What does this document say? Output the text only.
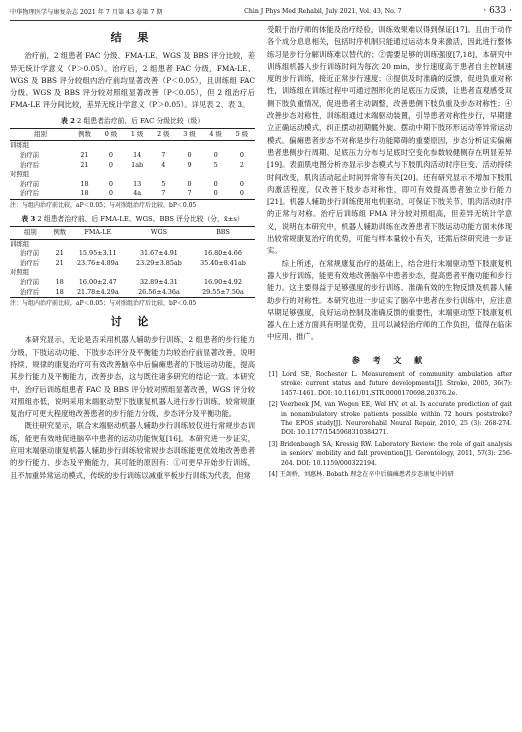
中华物理医学与康复杂志 2021 年 7 月第 43 卷第 7 期	Chin J Phys Med Rehabil, July 2021, Vol. 43, No. 7	· 633 ·
结 果

治疗前，2 组患者 FAC 分级、FMA-LE、WGS 及 BBS 评分比较，差异无统计学意义（P＞0.05）。治疗后，2 组患者 FAC 分级、FMA-LE、WGS 及 BBS 评分较组内治疗前均显著改善（P＜0.05），且训练组 FAC 分级、WGS 及 BBS 评分较对照组显著改善（P＜0.05），但 2 组治疗后 FMA-LE 评分间比较，差异无统计学意义（P＞0.05）。详见表 2、表 3。

表 2 2 组患者治疗前、后 FAC 分级比较（级）
组别	例数	0 级	1 级	2 级	3 级	4 级	5 级
训练组							
治疗前	21	0	14	7	0	0	0
治疗后	21	0	1ab	4	9	5	2
对照组							
治疗前	18	0	13	5	0	0	0
治疗后	18	0	4a	7	7	0	0
注：与组内治疗前比较，aP＜0.05；与对照组治疗后比较，bP＜0.05
表 3 2 组患者治疗前、后 FMA-LE、WGS、BBS 评分比较（分，x̄±s）
组别	例数	FMA-LE	WGS	BBS
训练组				
治疗前	21	15.95±3.11	31.67±4.91	16.80±4.66
治疗后	21	23.76±4.89a	23.29±3.85ab	35.40±8.41ab
对照组				
治疗前	18	16.00±2.47	32.89±4.31	16.90±4.92
治疗后	18	21.78±4.29a	26.56±4.36a	29.55±7.50a
注：与组内治疗前比较，aP＜0.05；与对照组治疗后比较，bP＜0.05
讨 论

本研究显示，无论是否采用机器人辅助步行训练，2 组患者的步行能力分级、下肢运动功能、下肢步态评分及平衡能力均较治疗前显著改善，说明持续、规律的康复治疗可有效改善脑卒中后偏瘫患者的下肢运动功能，提高其步行能力及平衡能力，改善步态，这与既往诸多研究的结论一致。本研究中，治疗后训练组患者 FAC 及 BBS 评分较对照组显著改善，WGS 评分较对照组亦低，说明采用末端驱动型下肢康复机器人进行步行训练，较常规康复治疗可更大程度地改善患者的步行能力分级、步态评分及平衡功能。

既往研究显示，联合末端驱动机器人辅助步行训练较仅进行常规步态训练，能更有效地促进脑卒中患者的运动功能恢复[16]。本研究进一步证实，应用末端驱动康复机器人辅助步行训练较常规步态训练能更优效地改善患者的步行能力、步态及平衡能力，其可能的原因有：①可更早开始步行训练，且不加重异常运动模式，传统的步行训练以减重平板步行训练为代表，但常

受限于治疗师的体能及治疗经验，训练效果难以得到保证[17]。且由于动作各个成分息息相关，包括时序机制只能通过运动本身来激活，因此进行整体练习是步行分解训练难以替代的；②需要足够的训练强度[7,18]，本研究中训练组机器人步行训练时间为每次 20 min，步行速度高于患者自主控制速度的步行训练，接近正常步行速度；③提供及时准确的反馈，促进负重对称性，训练组在训练过程中可通过图形化的足底压力反馈，让患者直观感受双侧下肢负重情况，促进患者主动调整，改善患侧下肢负重及步态对称性；④改善步态对称性，训练组通过末端驱动装置，引导患者对称性步行，早期建立正确运动模式，纠正摆动初期髋外旋、摆动中期下肢环形运动等异常运动模式。偏瘫患者步态不对称是步行功能障碍的重要原因，步态分析证实偏瘫患者患侧步行周期、足底压力分布与足底时空变化参数较健侧存在明显差异[19]。表面肌电图分析亦显示步态模式与下肢肌肉活动时序巨变、活动持续时间改变，肌肉活动起止时间异常等有关[20]。还有研究显示不增加下肢肌肉激活程度，仅改善下肢步态对称性，即可有效提高患者独立步行能力[21]。机器人辅助步行训练使用电机驱动，可保证下肢关节、肌肉活动时序的正常与对称。治疗后训练组 FMA 评分较对照组高，但差异无统计学意义，说明在本研究中，机器人辅助训练在改善患者下肢运动功能方面未体现出较常规康复治疗的优势，可能与样本量较小有关，还需后续研究进一步证实。

综上所述，在常规康复治疗的基础上，结合进行末端驱动型下肢康复机器人步行训练，能更有效地改善脑卒中患者步态，提高患者平衡功能和步行能力。这主要得益于足够强度的步行训练、准确有效的生物反馈及机器人辅助步行的对称性。本研究也进一步证实了脑卒中患者在步行训练中，应注意早期足够强度，良好运动控制及准确反馈的重要性，末端驱动型下肢康复机器人在上述方面具有明显优势，且可以减轻治疗师的工作负担，值得在临床中应用、推广。

参 考 文 献
[1] Lord SE, Rochester L. Measurement of community ambulation after stroke: current status and future developments[J]. Stroke, 2005, 36(7): 1457-1461. DOI: 10.1161/01.STR.0000170698.20376.2e.
[2] Veerbeek JM, van Wegen EE, Wel HV, et al. Is accurate prediction of gait in nonambulatory stroke patients possible within 72 hours poststroke? The EPOS study[J]. Neurorehabil Neural Repair, 2010, 25 (3): 268-274. DOI: 10.1177/1545968310384271.
[3] Bridenbaugh SA, Kressig RW. Laboratory Review: the role of gait analysis in seniors' mobility and fall prevention[J]. Gerontology, 2011, 57(3): 256-264. DOI: 10.1159/000322194.
[4] 王剑桥，刘惠林. Bobath 理念在卒中后偏瘫患者步态康复中的研
